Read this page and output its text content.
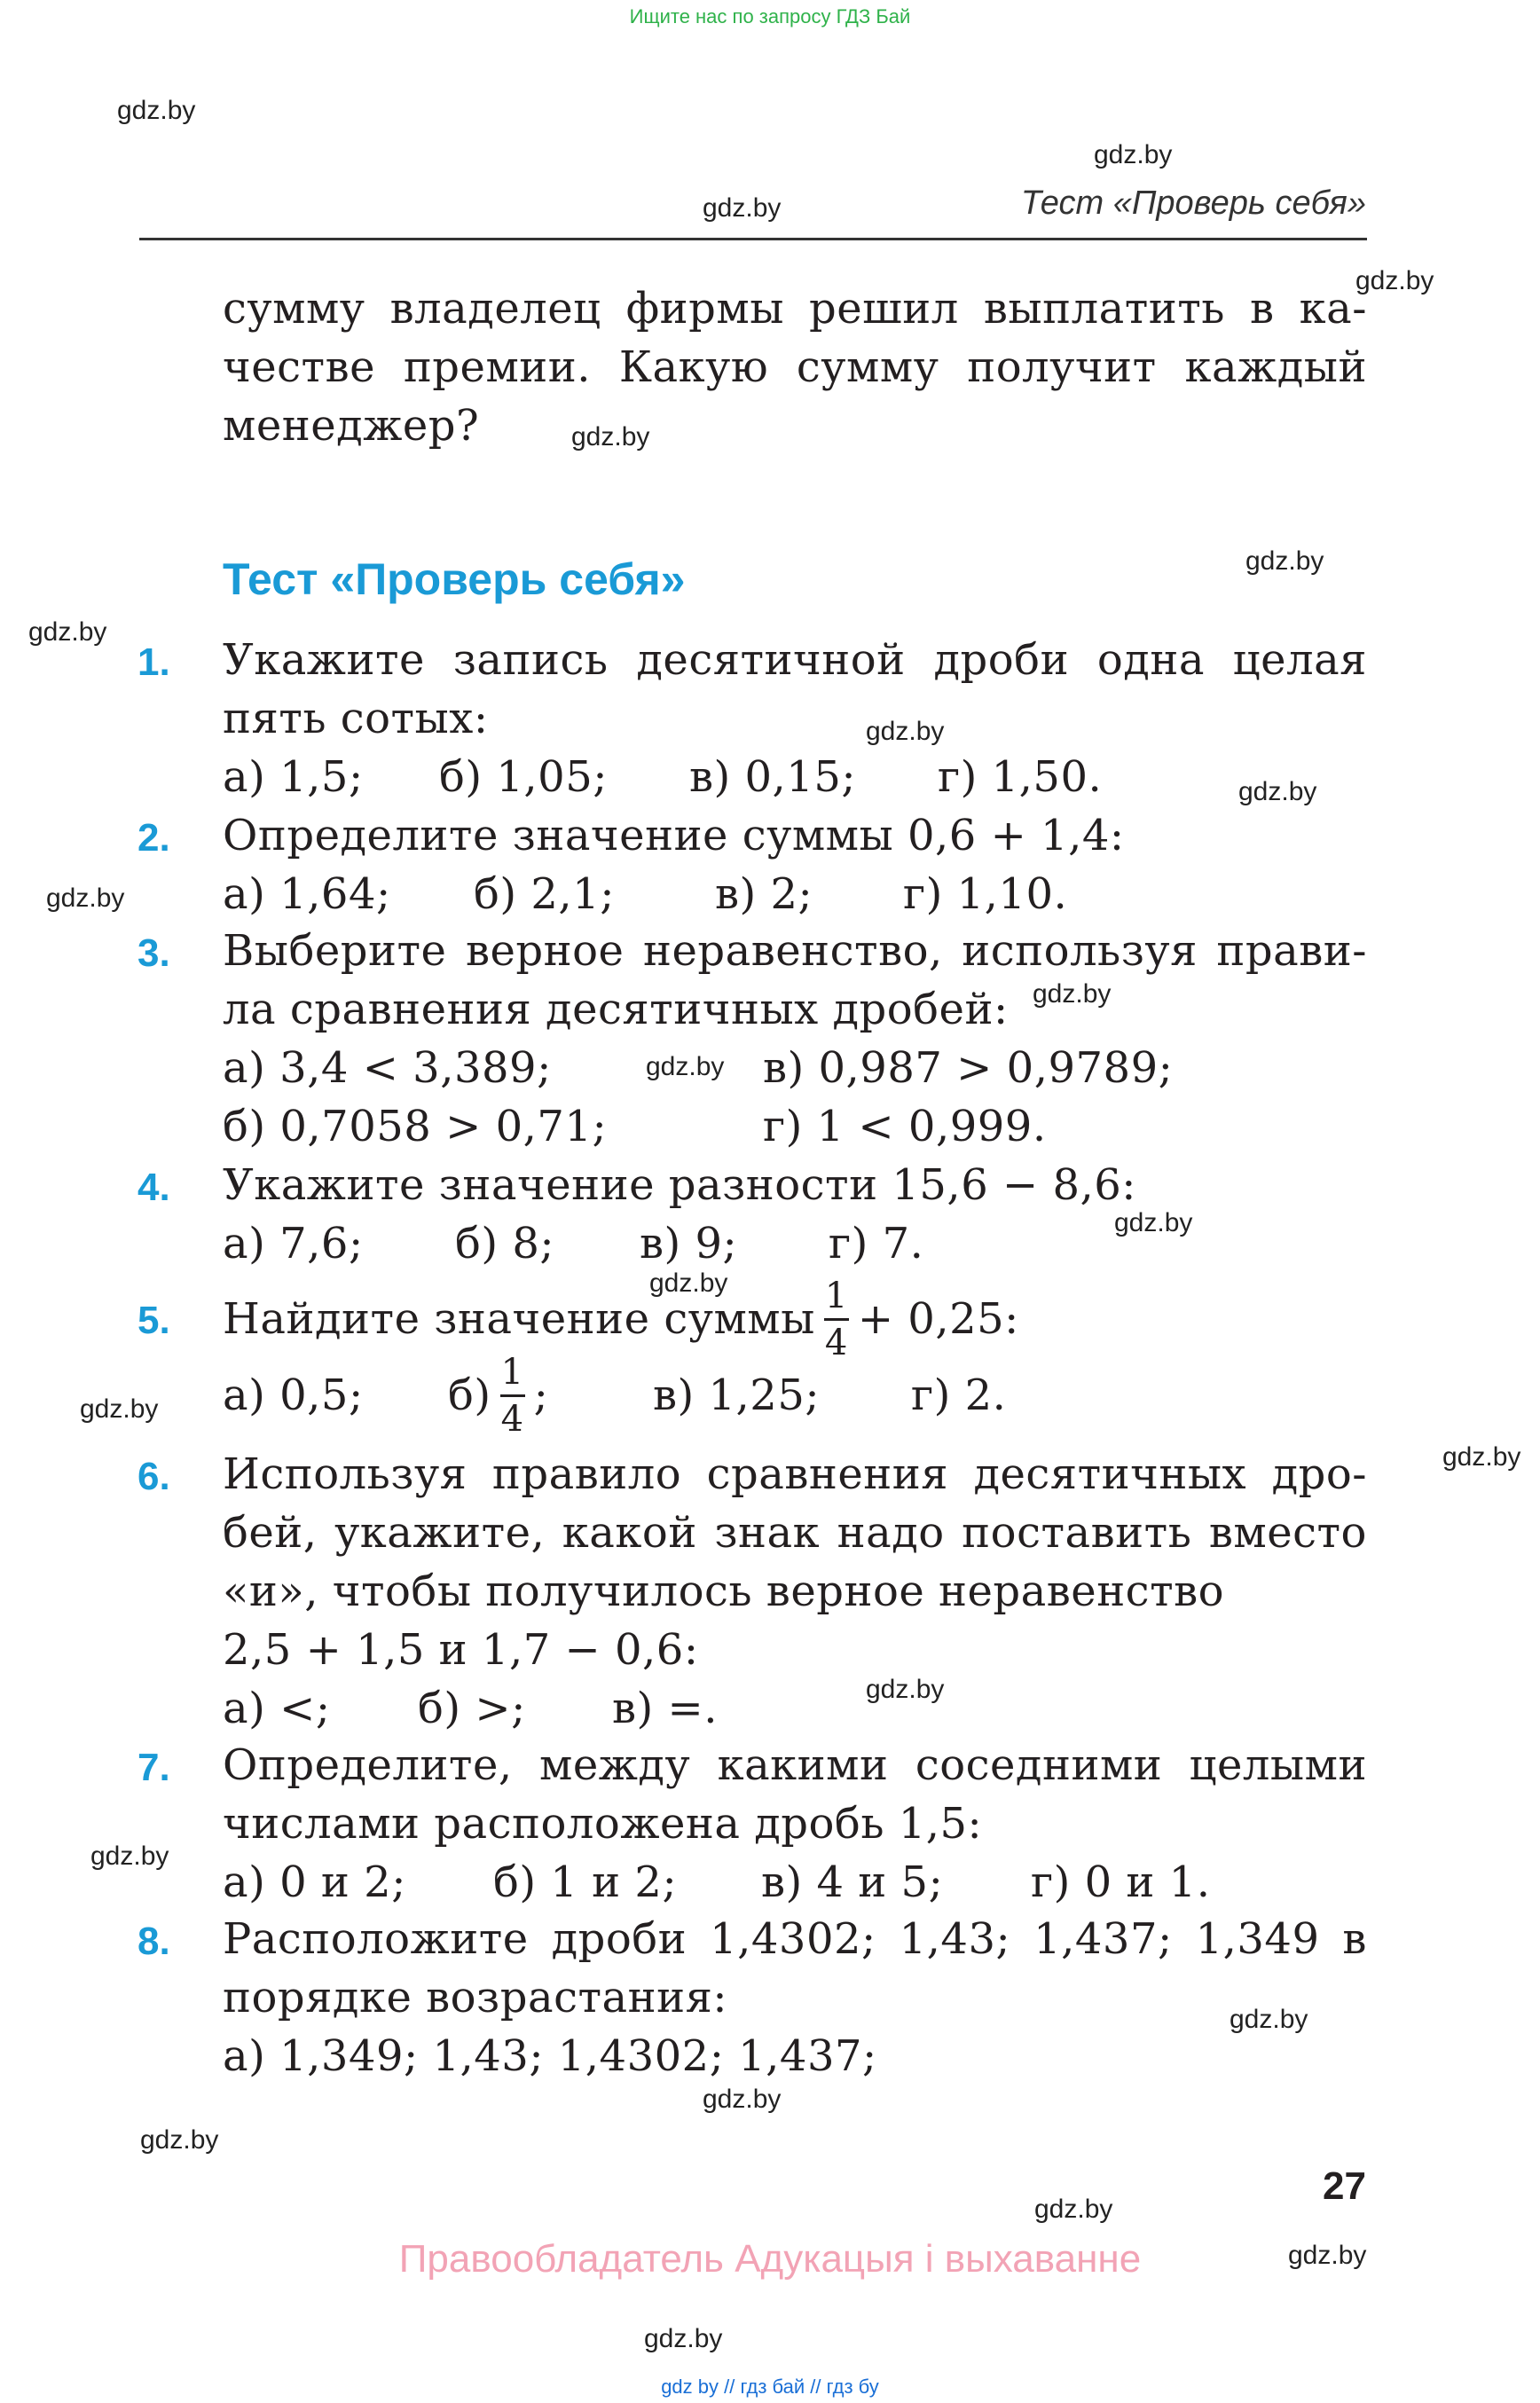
Ищите нас по запросу ГДЗ Бай
gdz.by
gdz.by
gdz.by
gdz.by
gdz.by
gdz.by
gdz.by
gdz.by
gdz.by
gdz.by
gdz.by
gdz.by
gdz.by
gdz.by
gdz.by
gdz.by
gdz.by
gdz.by
gdz.by
gdz.by
gdz.by
gdz.by
gdz.by
gdz.by
Тест «Проверь себя»
сумму владелец фирмы решил выплатить в ка-
честве премии. Какую сумму получит каждый
менеджер?
Тест «Проверь себя»
1. Укажите запись десятичной дроби одна целая
пять сотых:
а) 1,5; б) 1,05; в) 0,15; г) 1,50.
2. Определите значение суммы 0,6 + 1,4:
а) 1,64; б) 2,1; в) 2; г) 1,10.
3. Выберите верное неравенство, используя прави-
ла сравнения десятичных дробей:
а) 3,4 < 3,389;	в) 0,987 > 0,9789;
б) 0,7058 > 0,71;	г) 1 < 0,999.
4. Укажите значение разности 15,6 − 8,6:
а) 7,6; б) 8; в) 9; г) 7.
5. Найдите значение суммы $\frac{1}{4} + 0,25$:
а) 0,5; $б) \frac{1}{4}$ ; в) 1,25; г) 2.
6. Используя правило сравнения десятичных дро-
бей, укажите, какой знак надо поставить вместо
«и», чтобы получилось верное неравенство
2,5 + 1,5 и 1,7 − 0,6:
а) <; б) >; в) =.
7. Определите, между какими соседними целыми
числами расположена дробь 1,5:
а) 0 и 2; б) 1 и 2; в) 4 и 5; г) 0 и 1.
8. Расположите дроби 1,4302; 1,43; 1,437; 1,349 в
порядке возрастания:
а) 1,349; 1,43; 1,4302; 1,437;
27
Правообладатель Адукацыя і выхаванне
gdz by // гдз бай // гдз бу
